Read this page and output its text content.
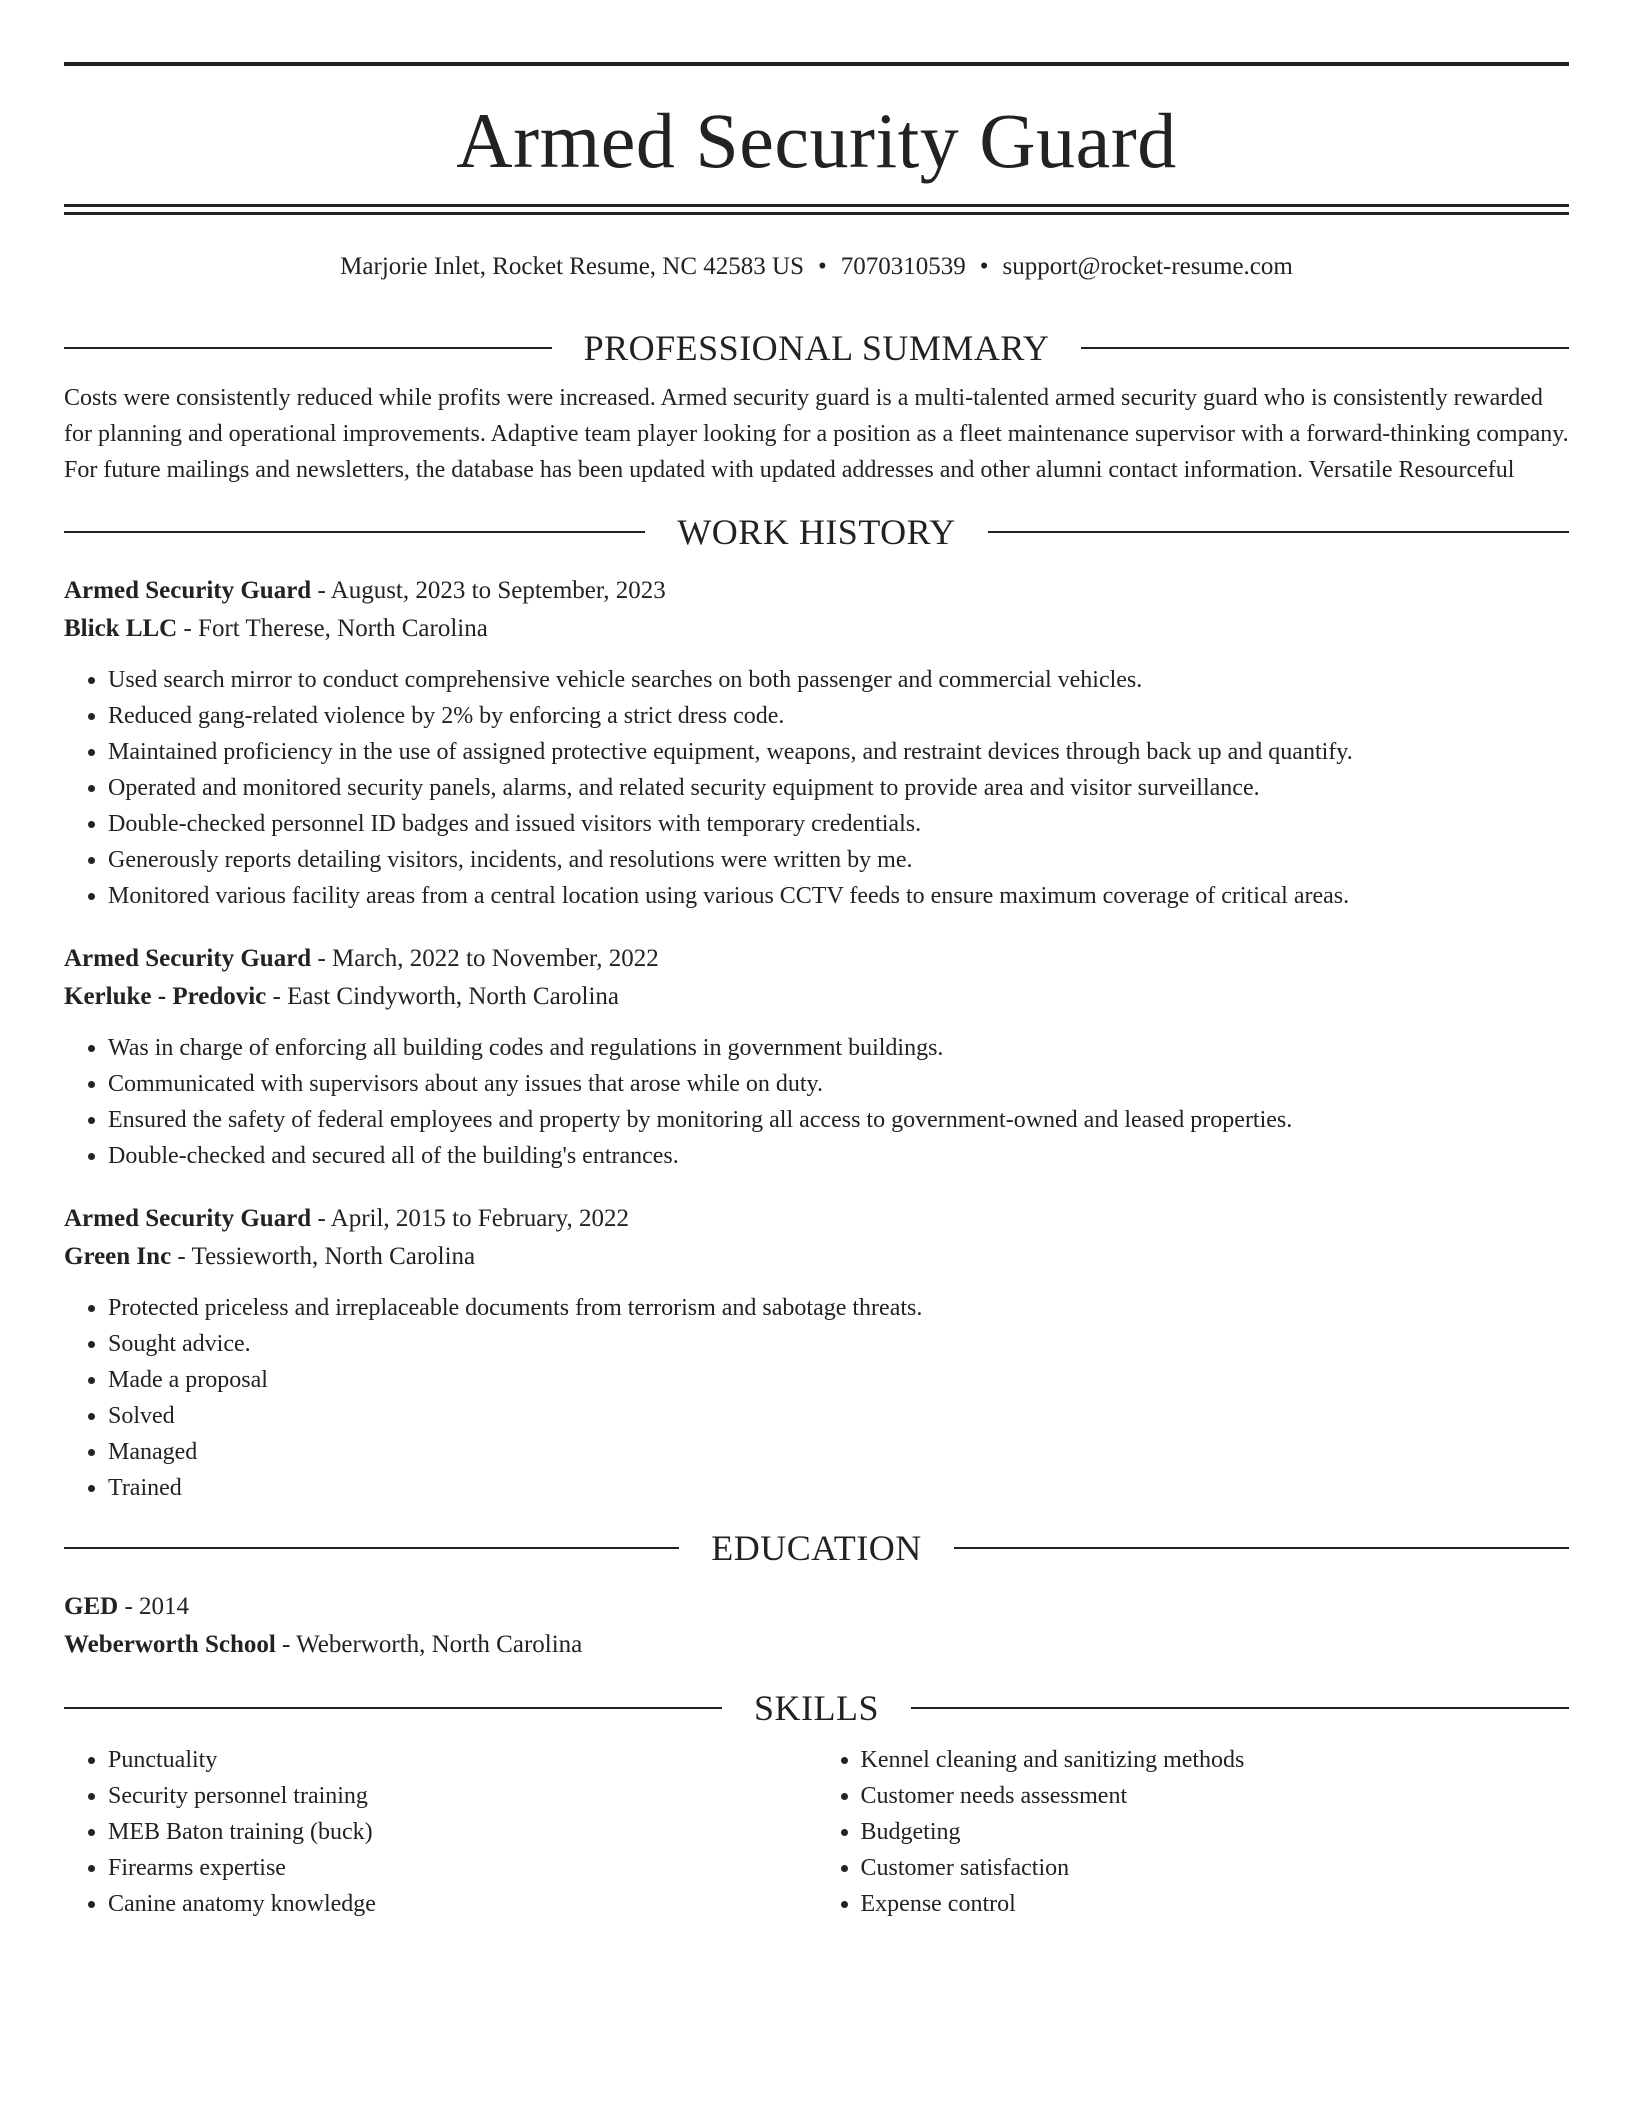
Armed Security Guard
Marjorie Inlet, Rocket Resume, NC 42583 US • 7070310539 • support@rocket-resume.com
PROFESSIONAL SUMMARY
Costs were consistently reduced while profits were increased. Armed security guard is a multi-talented armed security guard who is consistently rewarded for planning and operational improvements. Adaptive team player looking for a position as a fleet maintenance supervisor with a forward-thinking company. For future mailings and newsletters, the database has been updated with updated addresses and other alumni contact information. Versatile Resourceful
WORK HISTORY
Armed Security Guard - August, 2023 to September, 2023
Blick LLC - Fort Therese, North Carolina
• Used search mirror to conduct comprehensive vehicle searches on both passenger and commercial vehicles.
• Reduced gang-related violence by 2% by enforcing a strict dress code.
• Maintained proficiency in the use of assigned protective equipment, weapons, and restraint devices through back up and quantify.
• Operated and monitored security panels, alarms, and related security equipment to provide area and visitor surveillance.
• Double-checked personnel ID badges and issued visitors with temporary credentials.
• Generously reports detailing visitors, incidents, and resolutions were written by me.
• Monitored various facility areas from a central location using various CCTV feeds to ensure maximum coverage of critical areas.
Armed Security Guard - March, 2022 to November, 2022
Kerluke - Predovic - East Cindyworth, North Carolina
• Was in charge of enforcing all building codes and regulations in government buildings.
• Communicated with supervisors about any issues that arose while on duty.
• Ensured the safety of federal employees and property by monitoring all access to government-owned and leased properties.
• Double-checked and secured all of the building's entrances.
Armed Security Guard - April, 2015 to February, 2022
Green Inc - Tessieworth, North Carolina
• Protected priceless and irreplaceable documents from terrorism and sabotage threats.
• Sought advice.
• Made a proposal
• Solved
• Managed
• Trained
EDUCATION
GED - 2014
Weberworth School - Weberworth, North Carolina
SKILLS
• Punctuality
• Security personnel training
• MEB Baton training (buck)
• Firearms expertise
• Canine anatomy knowledge
• Kennel cleaning and sanitizing methods
• Customer needs assessment
• Budgeting
• Customer satisfaction
• Expense control
